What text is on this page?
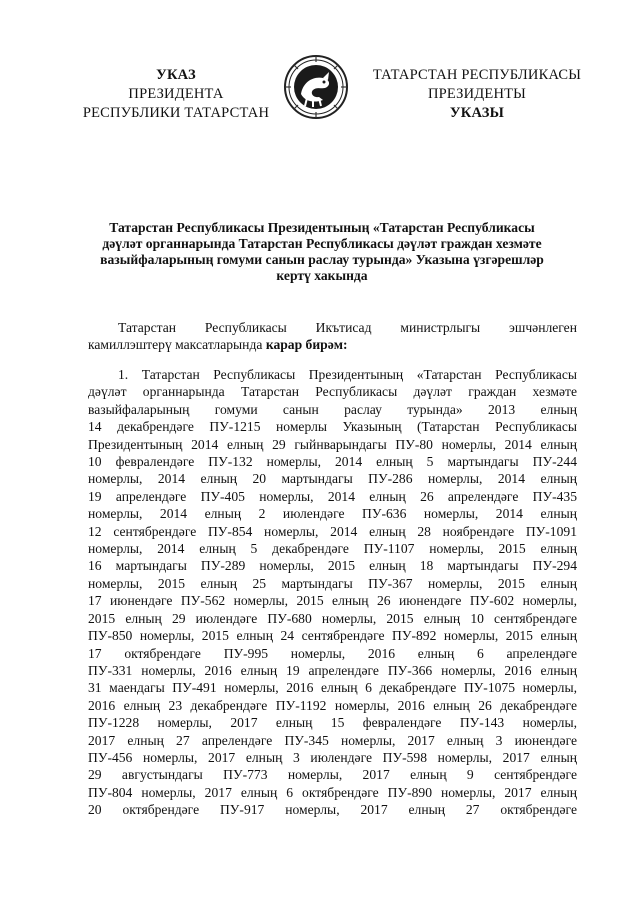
УКАЗ
ПРЕЗИДЕНТА
РЕСПУБЛИКИ ТАТАРСТАН
ТАТАРСТАН РЕСПУБЛИКАСЫ
ПРЕЗИДЕНТЫ
УКАЗЫ
Татарстан Республикасы Президентының «Татарстан Республикасы
дәүләт органнарында Татарстан Республикасы дәүләт граждан хезмәте
вазыйфаларының гомуми санын раслау турында» Указына үзгәрешләр
кертү хакында
Татарстан Республикасы Икътисад министрлыгы эшчәнлеген
камиллэштерү максатларында карар бирәм:
1. Татарстан Республикасы Президентының «Татарстан Республикасы
дәүләт органнарында Татарстан Республикасы дәүләт граждан хезмәте
вазыйфаларының гомуми санын раслау турында» 2013 елның
14 декабрендәге ПУ-1215 номерлы Указының (Татарстан Республикасы
Президентының 2014 елның 29 гыйнварындагы ПУ-80 номерлы, 2014 елның
10 февралендәге ПУ-132 номерлы, 2014 елның 5 мартындагы ПУ-244
номерлы, 2014 елның 20 мартындагы ПУ-286 номерлы, 2014 елның
19 апрелендәге ПУ-405 номерлы, 2014 елның 26 апрелендәге ПУ-435
номерлы, 2014 елның 2 июлендәге ПУ-636 номерлы, 2014 елның
12 сентябрендәге ПУ-854 номерлы, 2014 елның 28 ноябрендәге ПУ-1091
номерлы, 2014 елның 5 декабрендәге ПУ-1107 номерлы, 2015 елның
16 мартындагы ПУ-289 номерлы, 2015 елның 18 мартындагы ПУ-294
номерлы, 2015 елның 25 мартындагы ПУ-367 номерлы, 2015 елның
17 июнендәге ПУ-562 номерлы, 2015 елның 26 июнендәге ПУ-602 номерлы,
2015 елның 29 июлендәге ПУ-680 номерлы, 2015 елның 10 сентябрендәге
ПУ-850 номерлы, 2015 елның 24 сентябрендәге ПУ-892 номерлы, 2015 елның
17 октябрендәге ПУ-995 номерлы, 2016 елның 6 апрелендәге
ПУ-331 номерлы, 2016 елның 19 апрелендәге ПУ-366 номерлы, 2016 елның
31 маендагы ПУ-491 номерлы, 2016 елның 6 декабрендәге ПУ-1075 номерлы,
2016 елның 23 декабрендәге ПУ-1192 номерлы, 2016 елның 26 декабрендәге
ПУ-1228 номерлы, 2017 елның 15 февралендәге ПУ-143 номерлы,
2017 елның 27 апрелендәге ПУ-345 номерлы, 2017 елның 3 июнендәге
ПУ-456 номерлы, 2017 елның 3 июлендәге ПУ-598 номерлы, 2017 елның
29 августындагы ПУ-773 номерлы, 2017 елның 9 сентябрендәге
ПУ-804 номерлы, 2017 елның 6 октябрендәге ПУ-890 номерлы, 2017 елның
20 октябрендәге ПУ-917 номерлы, 2017 елның 27 октябрендәге
